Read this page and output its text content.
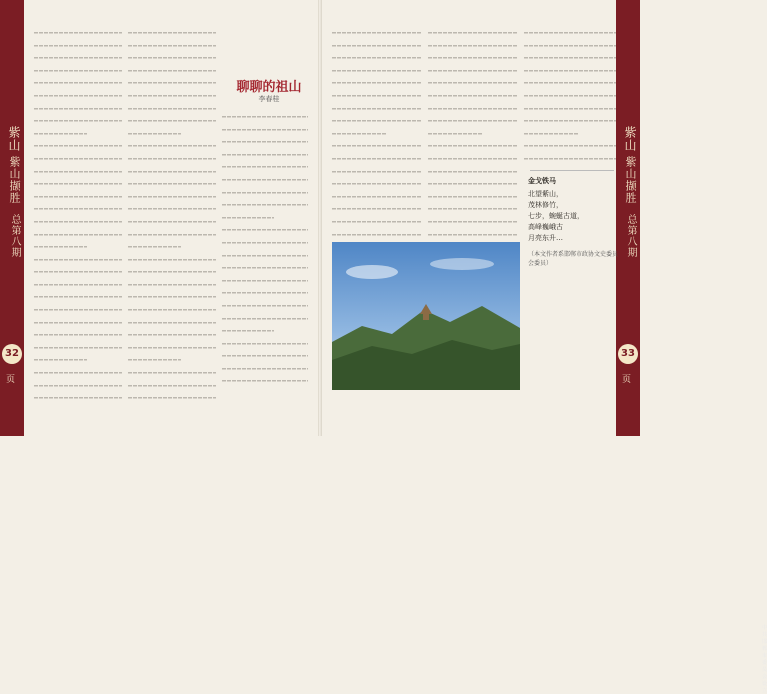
紫山
紫山撷胜
总第八期
32
页
紫山
紫山撷胜
总第八期
33
页
聊聊的祖山
李春桂
中共邯郸市委员会设立
金戈铁马
北望紫山，
茂林修竹，
七步，蜿蜒古道，
高峰巍峨古
月亮东升…
（本文作者系邯郸市政协文史委员会委员）
